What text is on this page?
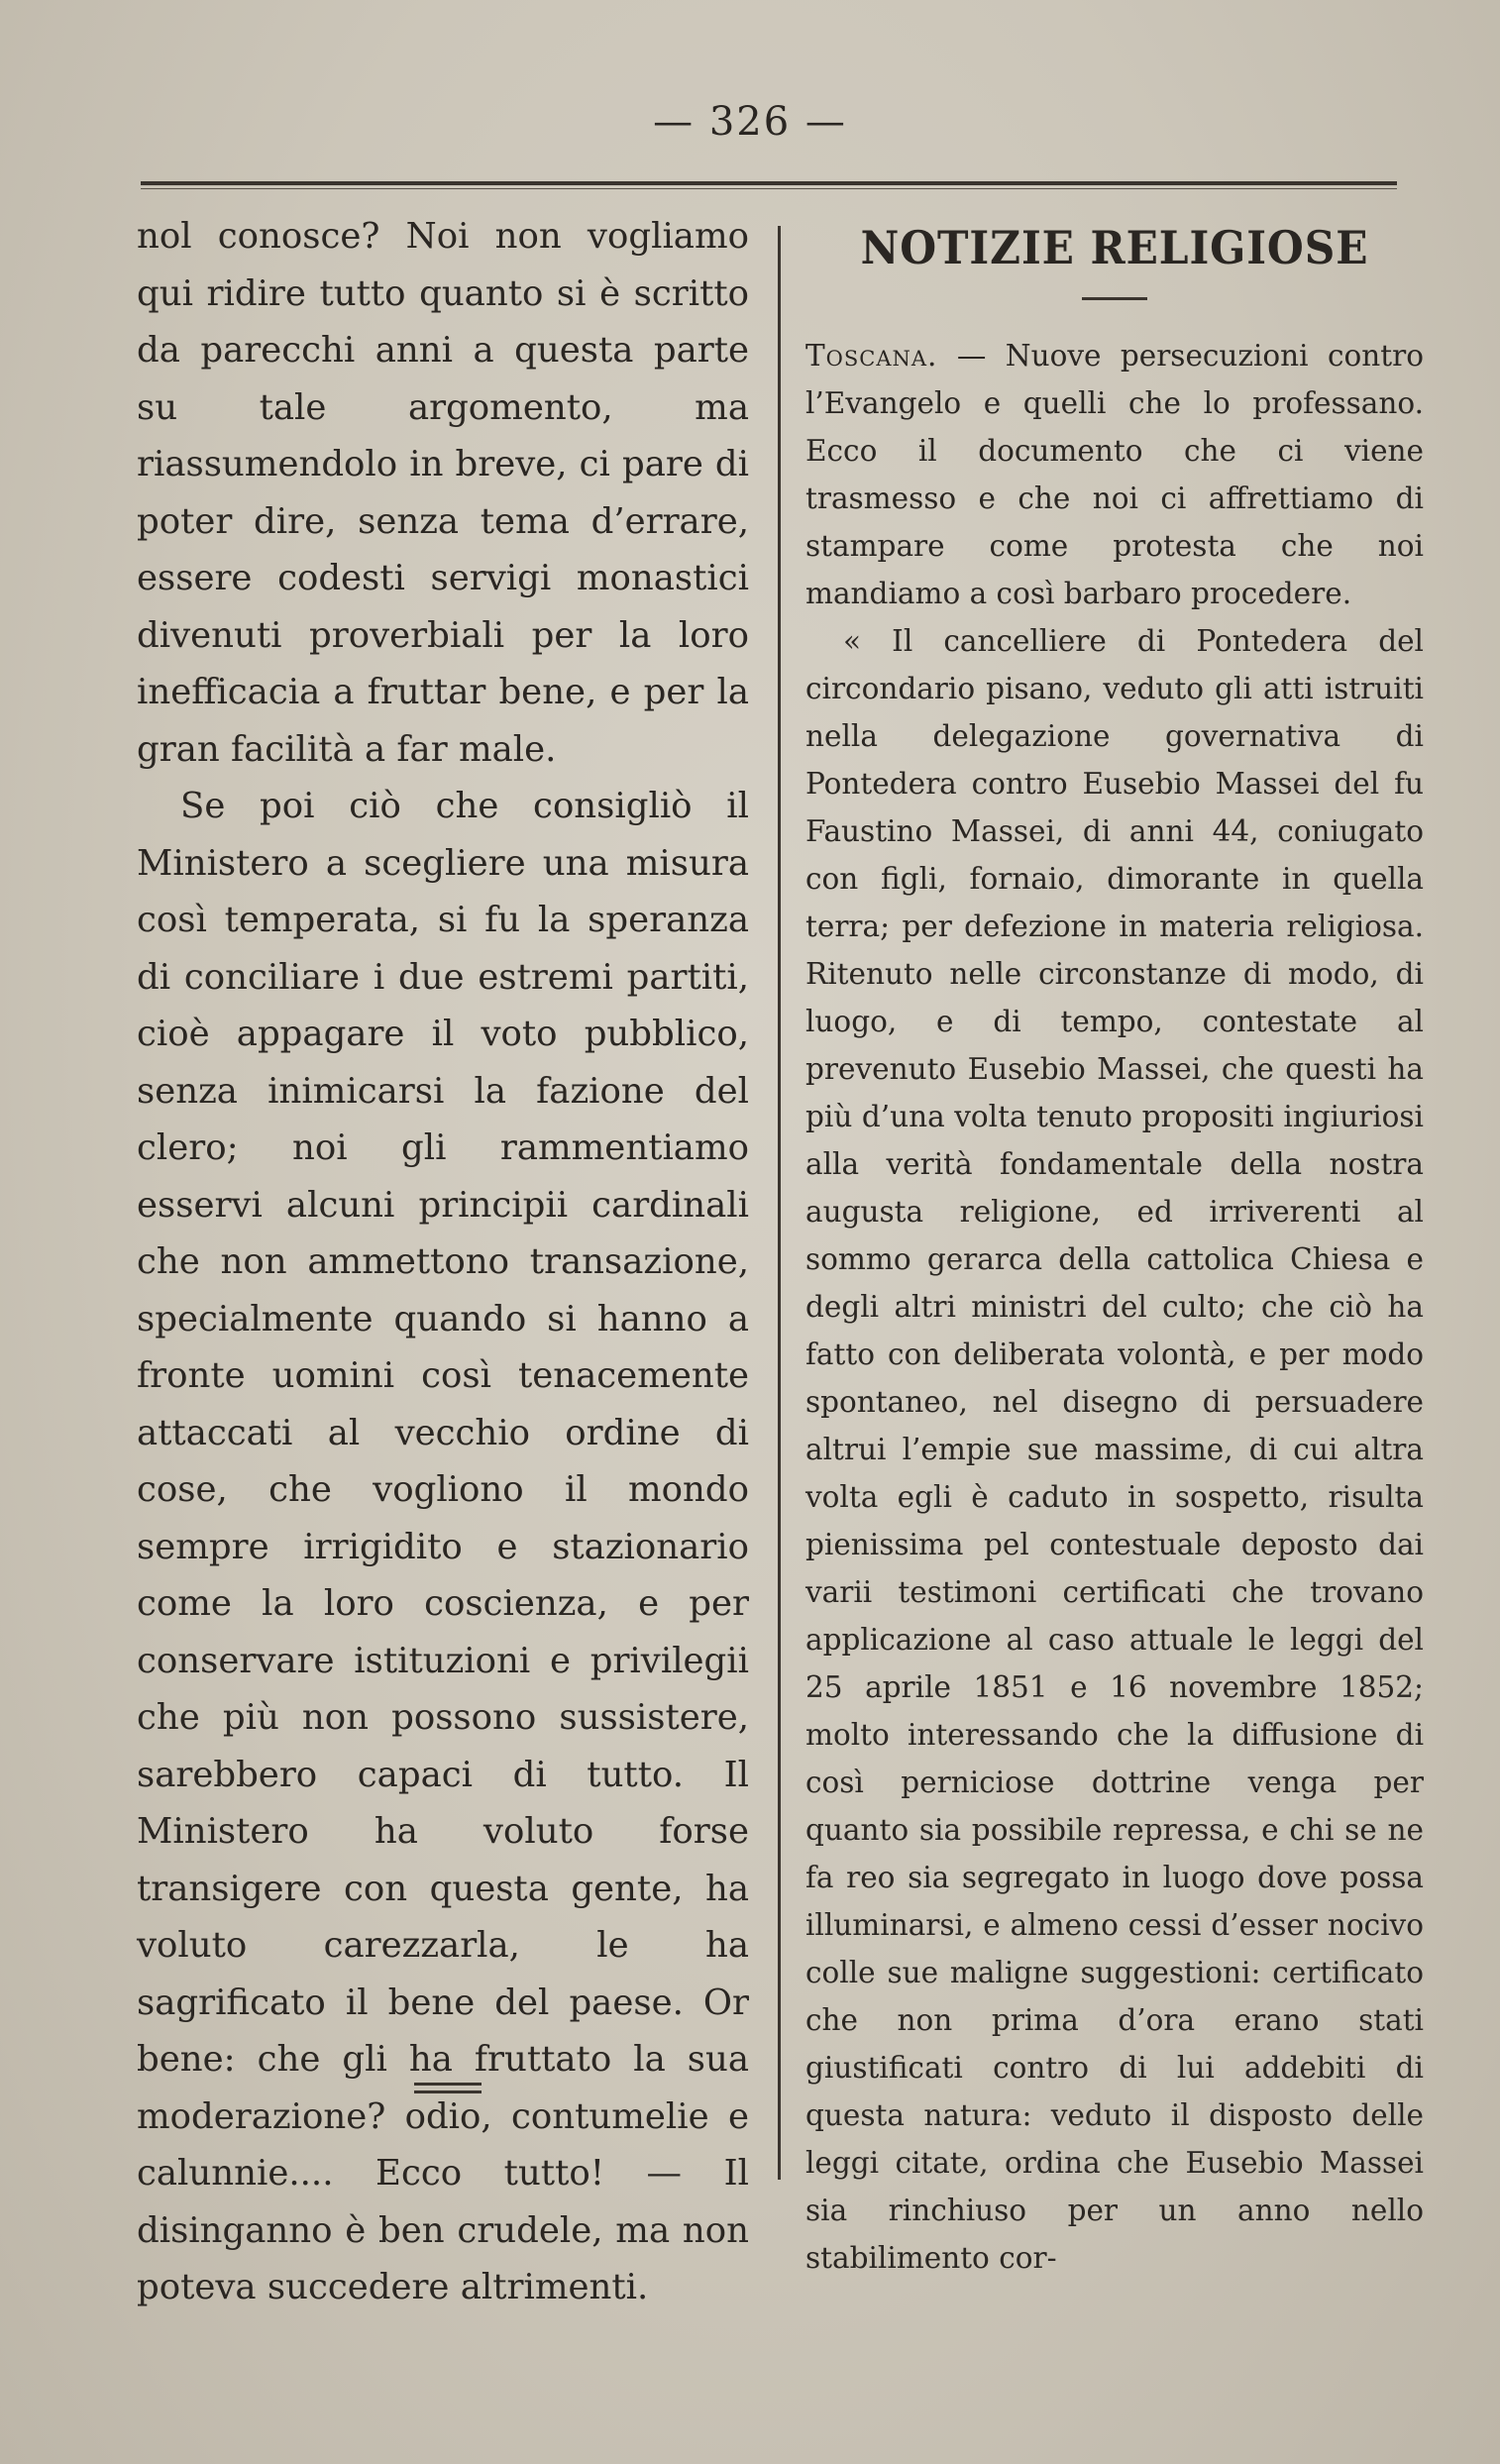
— 326 —

nol conosce? Noi non vogliamo qui ridire tutto quanto si è scritto da parecchi anni a questa parte su tale argomento, ma riassumendolo in breve, ci pare di poter dire, senza tema d’errare, essere codesti servigi monastici divenuti proverbiali per la loro inefficacia a fruttar bene, e per la gran facilità a far male.

Se poi ciò che consigliò il Ministero a scegliere una misura così temperata, si fu la speranza di conciliare i due estremi partiti, cioè appagare il voto pubblico, senza inimicarsi la fazione del clero; noi gli rammentiamo esservi alcuni principii cardinali che non ammettono transazione, specialmente quando si hanno a fronte uomini così tenacemente attaccati al vecchio ordine di cose, che vogliono il mondo sempre irrigidito e stazionario come la loro coscienza, e per conservare istituzioni e privilegii che più non possono sussistere, sarebbero capaci di tutto. Il Ministero ha voluto forse transigere con questa gente, ha voluto carezzarla, le ha sagrificato il bene del paese. Or bene: che gli ha fruttato la sua moderazione? odio, contumelie e calunnie.... Ecco tutto! — Il disinganno è ben crudele, ma non poteva succedere altrimenti.

NOTIZIE RELIGIOSE

Toscana. — Nuove persecuzioni contro l’Evangelo e quelli che lo professano. Ecco il documento che ci viene trasmesso e che noi ci affrettiamo di stampare come protesta che noi mandiamo a così barbaro procedere.

« Il cancelliere di Pontedera del circondario pisano, veduto gli atti istruiti nella delegazione governativa di Pontedera contro Eusebio Massei del fu Faustino Massei, di anni 44, coniugato con figli, fornaio, dimorante in quella terra; per defezione in materia religiosa. Ritenuto nelle circonstanze di modo, di luogo, e di tempo, contestate al prevenuto Eusebio Massei, che questi ha più d’una volta tenuto propositi ingiuriosi alla verità fondamentale della nostra augusta religione, ed irriverenti al sommo gerarca della cattolica Chiesa e degli altri ministri del culto; che ciò ha fatto con deliberata volontà, e per modo spontaneo, nel disegno di persuadere altrui l’empie sue massime, di cui altra volta egli è caduto in sospetto, risulta pienissima pel contestuale deposto dai varii testimoni certificati che trovano applicazione al caso attuale le leggi del 25 aprile 1851 e 16 novembre 1852; molto interessando che la diffusione di così perniciose dottrine venga per quanto sia possibile repressa, e chi se ne fa reo sia segregato in luogo dove possa illuminarsi, e almeno cessi d’esser nocivo colle sue maligne suggestioni: certificato che non prima d’ora erano stati giustificati contro di lui addebiti di questa natura: veduto il disposto delle leggi citate, ordina che Eusebio Massei sia rinchiuso per un anno nello stabilimento cor-
